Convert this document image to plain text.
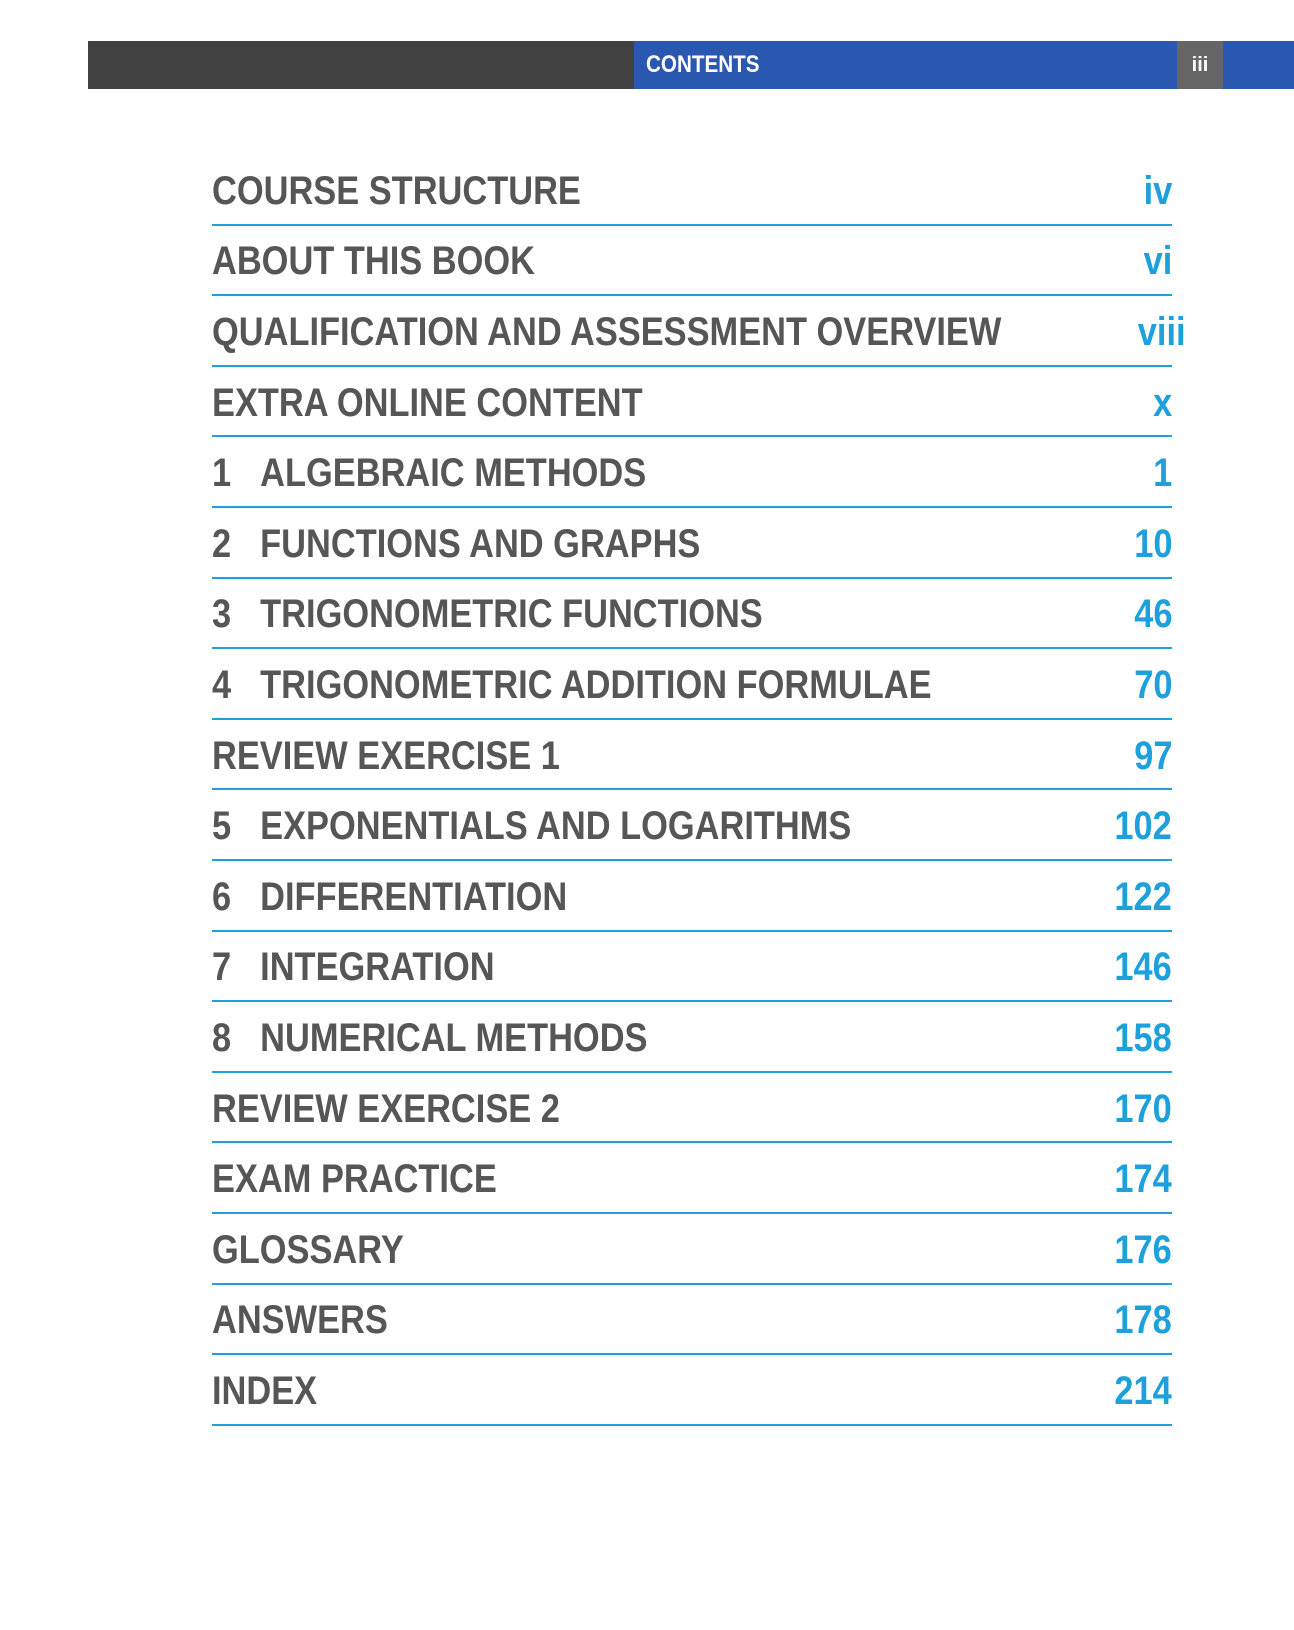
CONTENTS	iii
COURSE STRUCTURE	iv
ABOUT THIS BOOK	vi
QUALIFICATION AND ASSESSMENT OVERVIEW	viii
EXTRA ONLINE CONTENT	x
1 ALGEBRAIC METHODS	1
2 FUNCTIONS AND GRAPHS	10
3 TRIGONOMETRIC FUNCTIONS	46
4 TRIGONOMETRIC ADDITION FORMULAE	70
REVIEW EXERCISE 1	97
5 EXPONENTIALS AND LOGARITHMS	102
6 DIFFERENTIATION	122
7 INTEGRATION	146
8 NUMERICAL METHODS	158
REVIEW EXERCISE 2	170
EXAM PRACTICE	174
GLOSSARY	176
ANSWERS	178
INDEX	214
